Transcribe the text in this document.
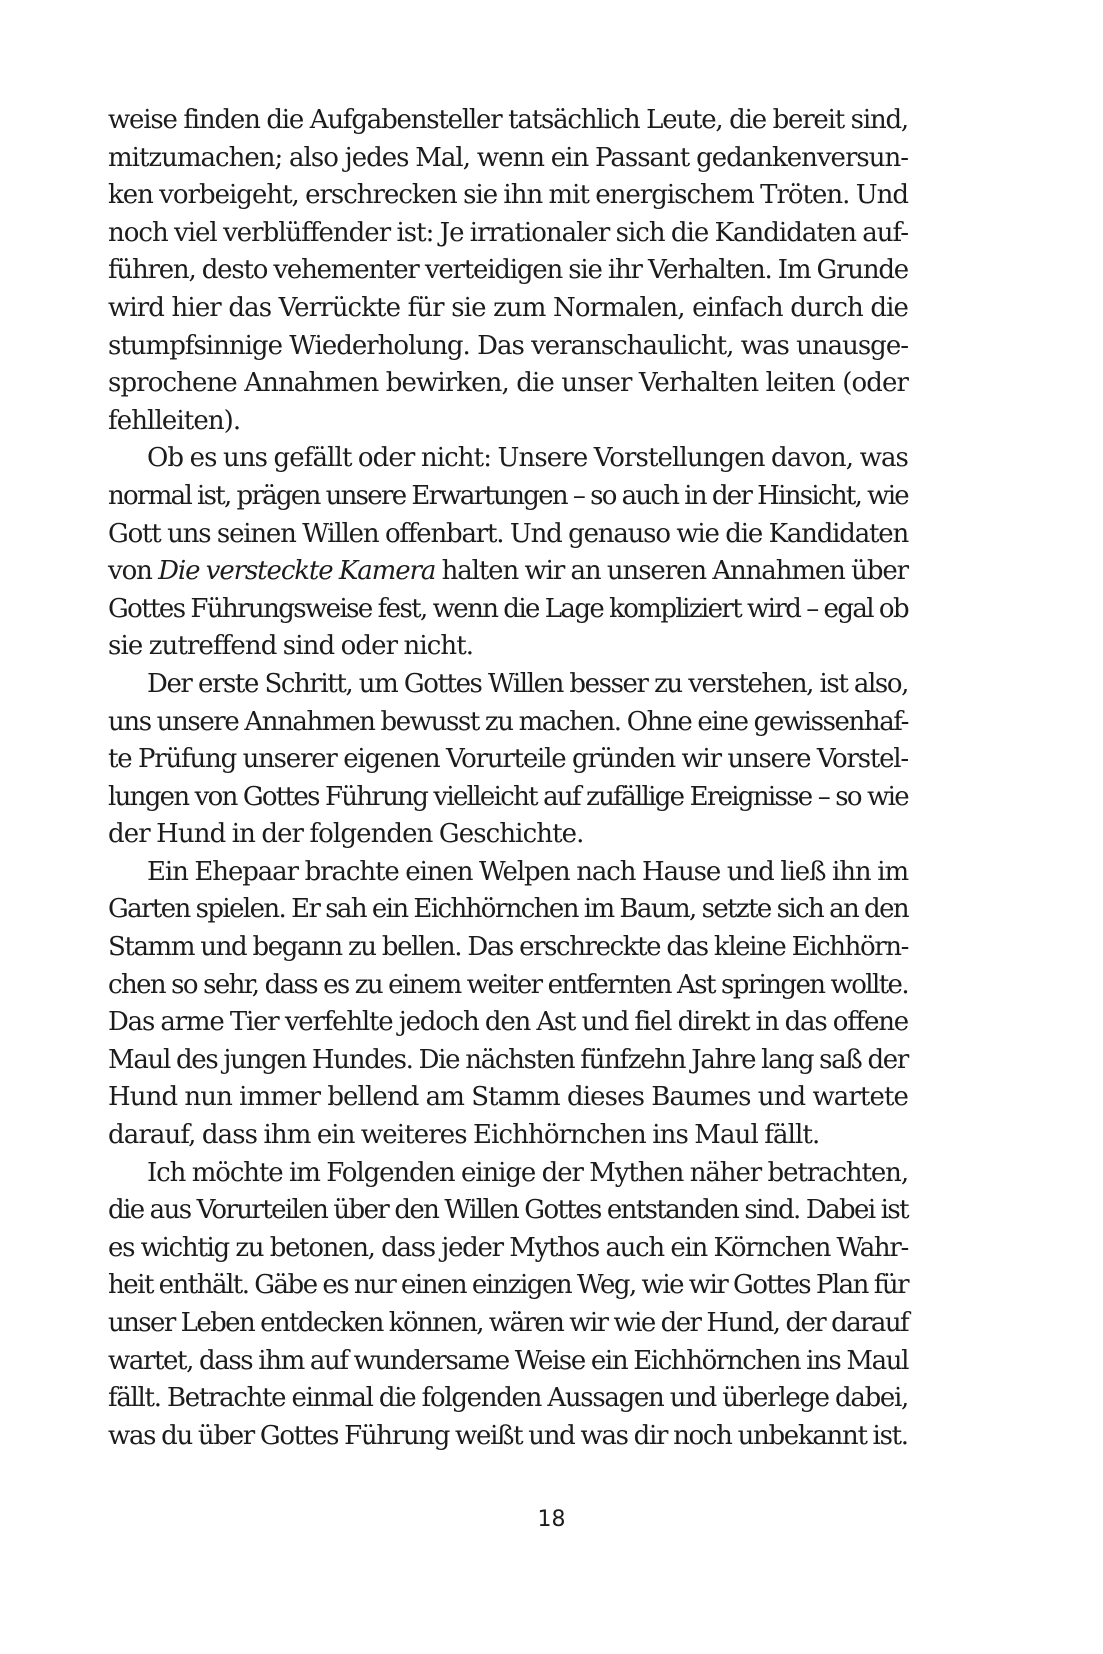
weise finden die Aufgabensteller tatsächlich Leute, die bereit sind,
mitzumachen; also jedes Mal, wenn ein Passant gedankenversun-
ken vorbeigeht, erschrecken sie ihn mit energischem Tröten. Und
noch viel verblüffender ist: Je irrationaler sich die Kandidaten auf-
führen, desto vehementer verteidigen sie ihr Verhalten. Im Grunde
wird hier das Verrückte für sie zum Normalen, einfach durch die
stumpfsinnige Wiederholung. Das veranschaulicht, was unausge-
sprochene Annahmen bewirken, die unser Verhalten leiten (oder
fehlleiten).
Ob es uns gefällt oder nicht: Unsere Vorstellungen davon, was
normal ist, prägen unsere Erwartungen – so auch in der Hinsicht, wie
Gott uns seinen Willen offenbart. Und genauso wie die Kandidaten
von Die versteckte Kamera halten wir an unseren Annahmen über
Gottes Führungsweise fest, wenn die Lage kompliziert wird – egal ob
sie zutreffend sind oder nicht.
Der erste Schritt, um Gottes Willen besser zu verstehen, ist also,
uns unsere Annahmen bewusst zu machen. Ohne eine gewissenhaf-
te Prüfung unserer eigenen Vorurteile gründen wir unsere Vorstel-
lungen von Gottes Führung vielleicht auf zufällige Ereignisse – so wie
der Hund in der folgenden Geschichte.
Ein Ehepaar brachte einen Welpen nach Hause und ließ ihn im
Garten spielen. Er sah ein Eichhörnchen im Baum, setzte sich an den
Stamm und begann zu bellen. Das erschreckte das kleine Eichhörn-
chen so sehr, dass es zu einem weiter entfernten Ast springen wollte.
Das arme Tier verfehlte jedoch den Ast und fiel direkt in das offene
Maul des jungen Hundes. Die nächsten fünfzehn Jahre lang saß der
Hund nun immer bellend am Stamm dieses Baumes und wartete
darauf, dass ihm ein weiteres Eichhörnchen ins Maul fällt.
Ich möchte im Folgenden einige der Mythen näher betrachten,
die aus Vorurteilen über den Willen Gottes entstanden sind. Dabei ist
es wichtig zu betonen, dass jeder Mythos auch ein Körnchen Wahr-
heit enthält. Gäbe es nur einen einzigen Weg, wie wir Gottes Plan für
unser Leben entdecken können, wären wir wie der Hund, der darauf
wartet, dass ihm auf wundersame Weise ein Eichhörnchen ins Maul
fällt. Betrachte einmal die folgenden Aussagen und überlege dabei,
was du über Gottes Führung weißt und was dir noch unbekannt ist.
18
